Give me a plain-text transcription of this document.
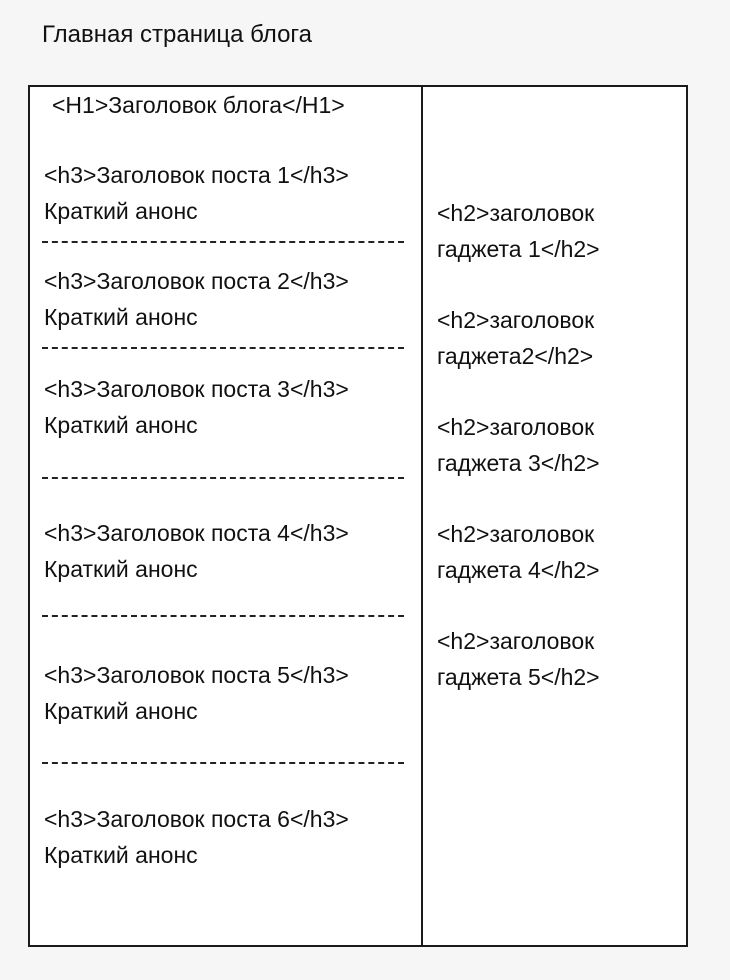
Главная страница блога
<H1>Заголовок блога</H1>
<h3>Заголовок поста 1</h3>
Краткий анонс
<h3>Заголовок поста 2</h3>
Краткий анонс
<h3>Заголовок поста 3</h3>
Краткий анонс
<h3>Заголовок поста 4</h3>
Краткий анонс
<h3>Заголовок поста 5</h3>
Краткий анонс
<h3>Заголовок поста 6</h3>
Краткий анонс
<h2>заголовок
гаджета 1</h2>
<h2>заголовок
гаджета2</h2>
<h2>заголовок
гаджета 3</h2>
<h2>заголовок
гаджета 4</h2>
<h2>заголовок
гаджета 5</h2>
